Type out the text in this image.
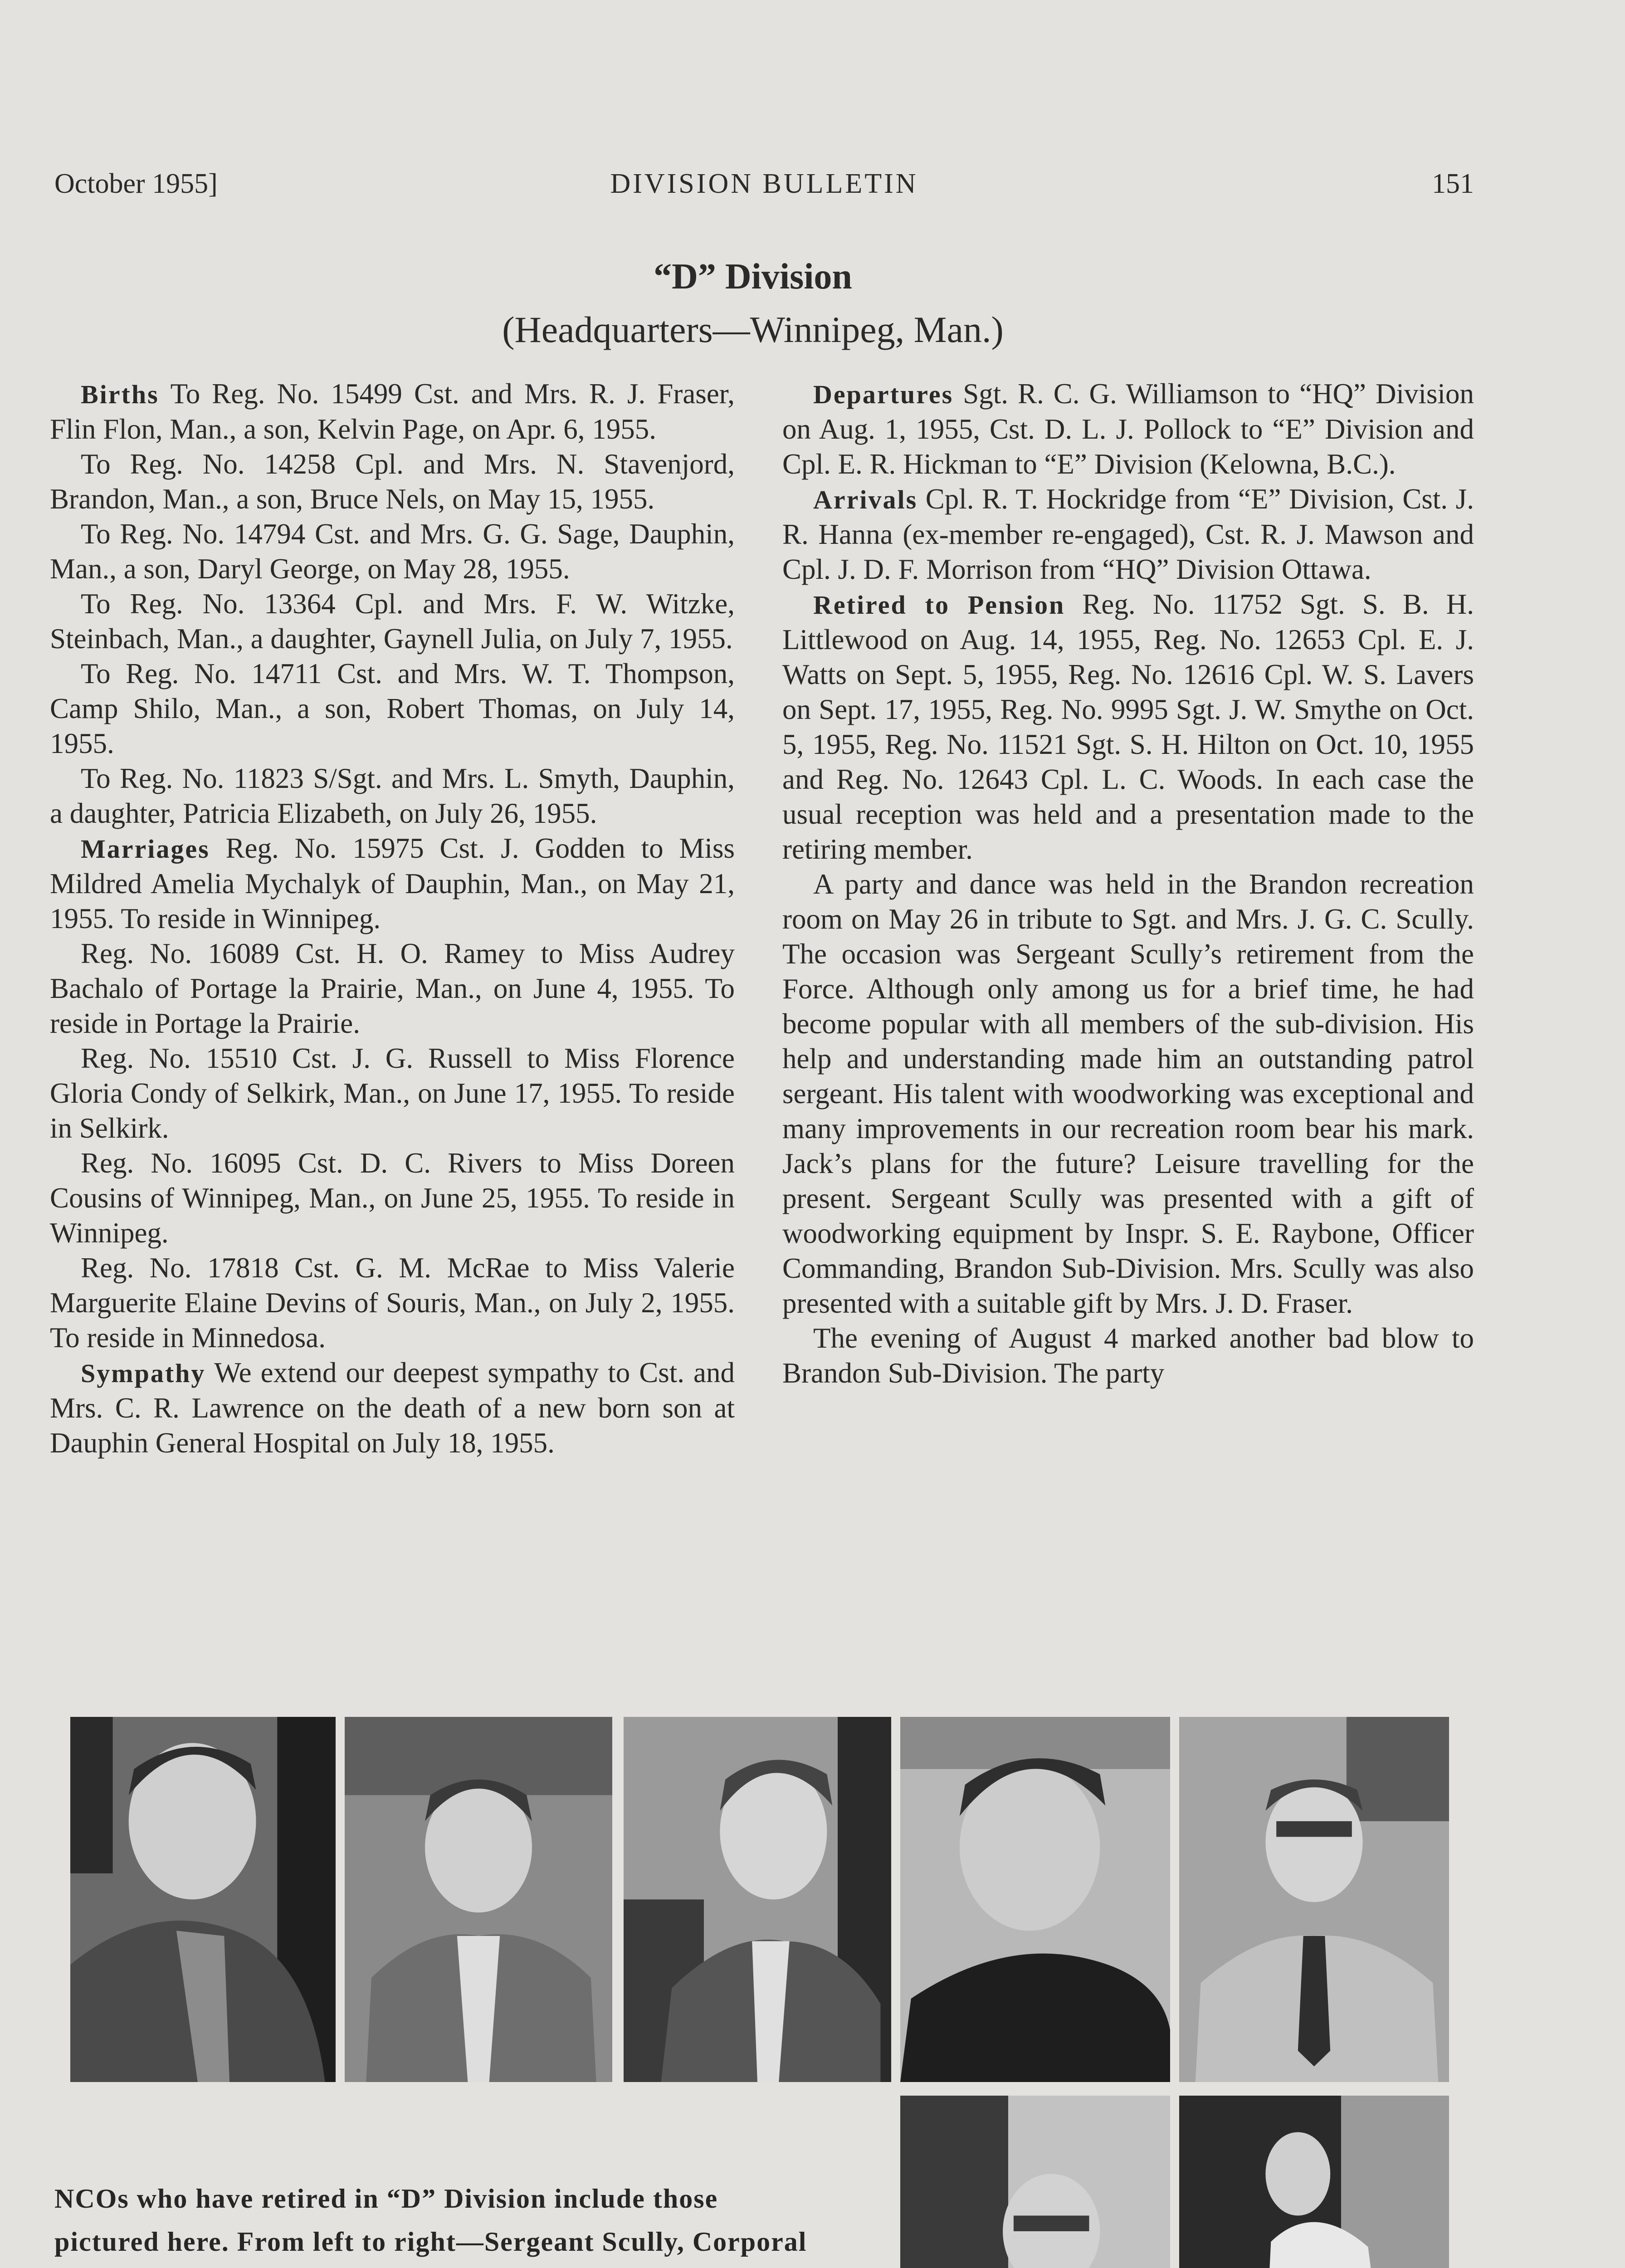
October 1955]	DIVISION BULLETIN	151
“D” Division
(Headquarters—Winnipeg, Man.)

Births To Reg. No. 15499 Cst. and Mrs. R. J. Fraser, Flin Flon, Man., a son, Kelvin Page, on Apr. 6, 1955.

To Reg. No. 14258 Cpl. and Mrs. N. Stavenjord, Brandon, Man., a son, Bruce Nels, on May 15, 1955.

To Reg. No. 14794 Cst. and Mrs. G. G. Sage, Dauphin, Man., a son, Daryl George, on May 28, 1955.

To Reg. No. 13364 Cpl. and Mrs. F. W. Witzke, Steinbach, Man., a daughter, Gaynell Julia, on July 7, 1955.

To Reg. No. 14711 Cst. and Mrs. W. T. Thompson, Camp Shilo, Man., a son, Robert Thomas, on July 14, 1955.

To Reg. No. 11823 S/Sgt. and Mrs. L. Smyth, Dauphin, a daughter, Patricia Elizabeth, on July 26, 1955.

Marriages Reg. No. 15975 Cst. J. Godden to Miss Mildred Amelia Mychalyk of Dauphin, Man., on May 21, 1955. To reside in Winnipeg.

Reg. No. 16089 Cst. H. O. Ramey to Miss Audrey Bachalo of Portage la Prairie, Man., on June 4, 1955. To reside in Portage la Prairie.

Reg. No. 15510 Cst. J. G. Russell to Miss Florence Gloria Condy of Selkirk, Man., on June 17, 1955. To reside in Selkirk.

Reg. No. 16095 Cst. D. C. Rivers to Miss Doreen Cousins of Winnipeg, Man., on June 25, 1955. To reside in Winnipeg.

Reg. No. 17818 Cst. G. M. McRae to Miss Valerie Marguerite Elaine Devins of Souris, Man., on July 2, 1955. To reside in Minnedosa.

Sympathy We extend our deepest sympathy to Cst. and Mrs. C. R. Lawrence on the death of a new born son at Dauphin General Hospital on July 18, 1955.

Departures Sgt. R. C. G. Williamson to “HQ” Division on Aug. 1, 1955, Cst. D. L. J. Pollock to “E” Division and Cpl. E. R. Hickman to “E” Division (Kelowna, B.C.).

Arrivals Cpl. R. T. Hockridge from “E” Division, Cst. J. R. Hanna (ex-member re-engaged), Cst. R. J. Mawson and Cpl. J. D. F. Morrison from “HQ” Division Ottawa.

Retired to Pension Reg. No. 11752 Sgt. S. B. H. Littlewood on Aug. 14, 1955, Reg. No. 12653 Cpl. E. J. Watts on Sept. 5, 1955, Reg. No. 12616 Cpl. W. S. Lavers on Sept. 17, 1955, Reg. No. 9995 Sgt. J. W. Smythe on Oct. 5, 1955, Reg. No. 11521 Sgt. S. H. Hilton on Oct. 10, 1955 and Reg. No. 12643 Cpl. L. C. Woods. In each case the usual reception was held and a presentation made to the retiring member.

A party and dance was held in the Brandon recreation room on May 26 in tribute to Sgt. and Mrs. J. G. C. Scully. The occasion was Sergeant Scully’s retirement from the Force. Although only among us for a brief time, he had become popular with all members of the sub-division. His help and understanding made him an outstanding patrol sergeant. His talent with woodworking was exceptional and many improvements in our recreation room bear his mark. Jack’s plans for the future? Leisure travelling for the present. Sergeant Scully was presented with a gift of woodworking equipment by Inspr. S. E. Raybone, Officer Commanding, Brandon Sub-Division. Mrs. Scully was also presented with a suitable gift by Mrs. J. D. Fraser.

The evening of August 4 marked another bad blow to Brandon Sub-Division. The party

NCOs who have retired in “D” Division include those pictured here. From left to right—Sergeant Scully, Corporal
